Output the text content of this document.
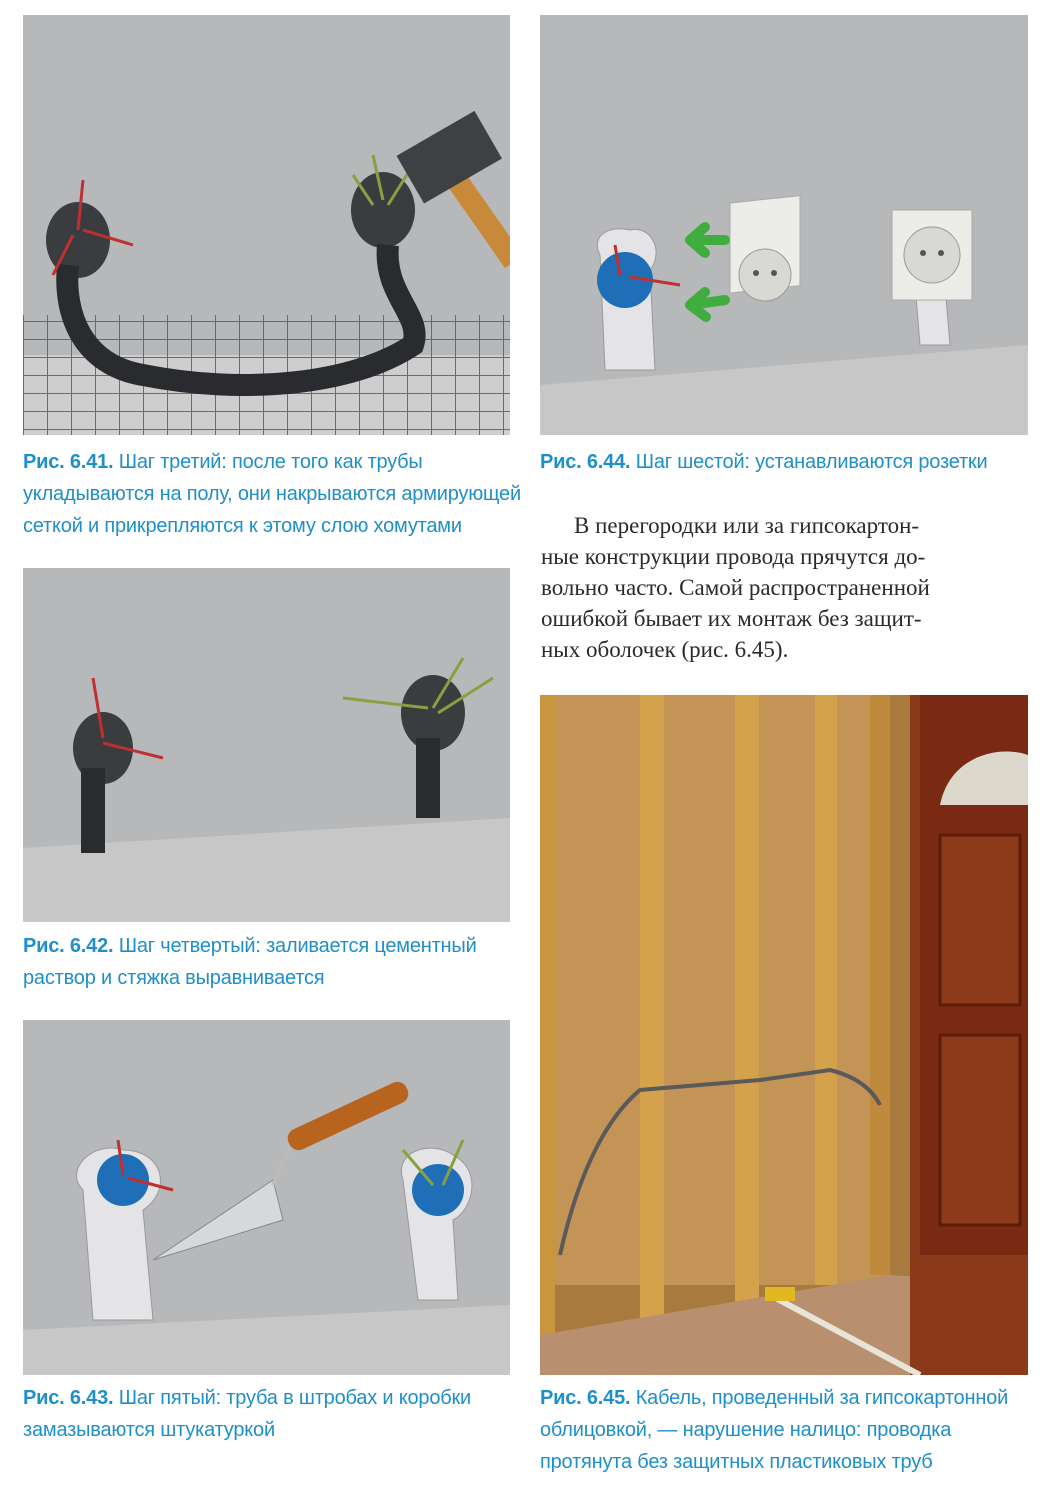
Рис. 6.41. Шаг третий: после того как трубы
укладываются на полу, они накрываются армирующей
сеткой и прикрепляются к этому слою хомутами
Рис. 6.42. Шаг четвертый: заливается цементный
раствор и стяжка выравнивается
Рис. 6.43. Шаг пятый: труба в штробах и коробки
замазываются штукатуркой
Рис. 6.44. Шаг шестой: устанавливаются розетки
В перегородки или за гипсокартон-
ные конструкции провода прячутся до-
вольно часто. Самой распространенной
ошибкой бывает их монтаж без защит-
ных оболочек (рис. 6.45).
Рис. 6.45. Кабель, проведенный за гипсокартонной
облицовкой, — нарушение налицо: проводка
протянута без защитных пластиковых труб
